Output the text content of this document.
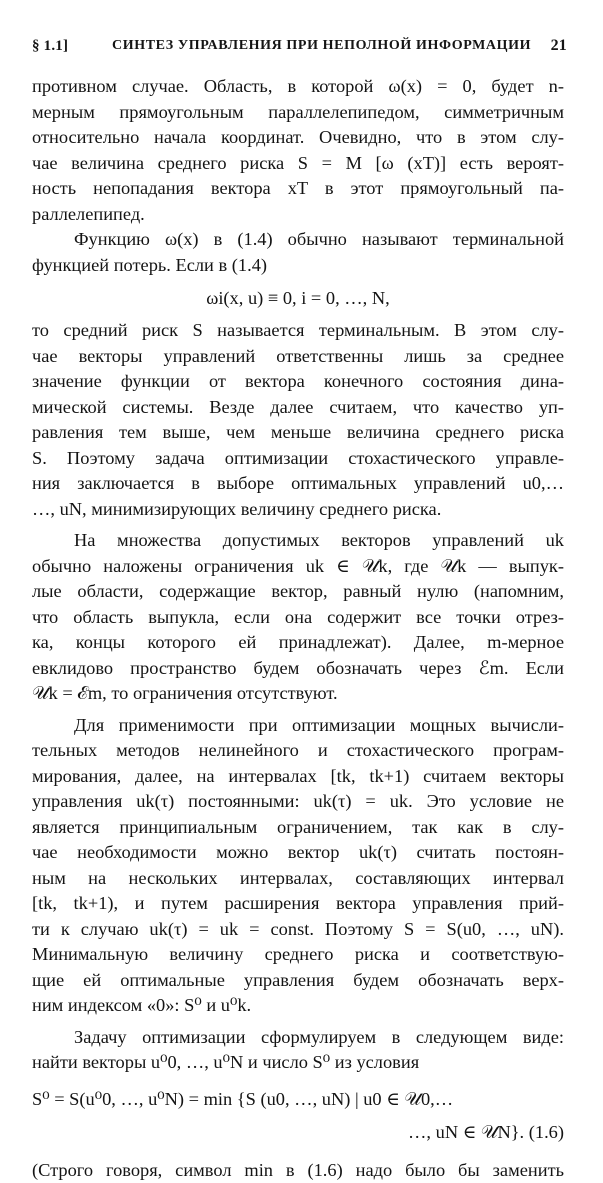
§ 1.1]	СИНТЕЗ УПРАВЛЕНИЯ ПРИ НЕПОЛНОЙ ИНФОРМАЦИИ 21
противном случае. Область, в которой ω(x) = 0, будет n-
мерным прямоугольным параллелепипедом, симметричным
относительно начала координат. Очевидно, что в этом слу-
чае величина среднего риска S = M [ω (xT)] есть вероят-
ность непопадания вектора xT в этот прямоугольный па-
раллелепипед.
Функцию ω(x) в (1.4) обычно называют терминальной
функцией потерь. Если в (1.4)
ωi(x, u) ≡ 0, i = 0, …, N,
то средний риск S называется терминальным. В этом слу-
чае векторы управлений ответственны лишь за среднее
значение функции от вектора конечного состояния дина-
мической системы. Везде далее считаем, что качество уп-
равления тем выше, чем меньше величина среднего риска
S. Поэтому задача оптимизации стохастического управле-
ния заключается в выборе оптимальных управлений u0,…
…, uN, минимизирующих величину среднего риска.
На множества допустимых векторов управлений uk
обычно наложены ограничения uk ∈ 𝒰k, где 𝒰k — выпук-
лые области, содержащие вектор, равный нулю (напомним,
что область выпукла, если она содержит все точки отрез-
ка, концы которого ей принадлежат). Далее, m-мерное
евклидово пространство будем обозначать через ℰm. Если
𝒰k = ℰm, то ограничения отсутствуют.
Для применимости при оптимизации мощных вычисли-
тельных методов нелинейного и стохастического програм-
мирования, далее, на интервалах [tk, tk+1) считаем векторы
управления uk(τ) постоянными: uk(τ) = uk. Это условие не
является принципиальным ограничением, так как в слу-
чае необходимости можно вектор uk(τ) считать постоян-
ным на нескольких интервалах, составляющих интервал
[tk, tk+1), и путем расширения вектора управления прий-
ти к случаю uk(τ) = uk = const. Поэтому S = S(u0, …, uN).
Минимальную величину среднего риска и соответствую-
щие ей оптимальные управления будем обозначать верх-
ним индексом «0»: S⁰ и u⁰k.
Задачу оптимизации сформулируем в следующем виде:
найти векторы u⁰0, …, u⁰N и число S⁰ из условия
S⁰ = S(u⁰0, …, u⁰N) = min {S (u0, …, uN) | u0 ∈ 𝒰0,…
…, uN ∈ 𝒰N}. (1.6)
(Строго говоря, символ min в (1.6) надо было бы заменить
